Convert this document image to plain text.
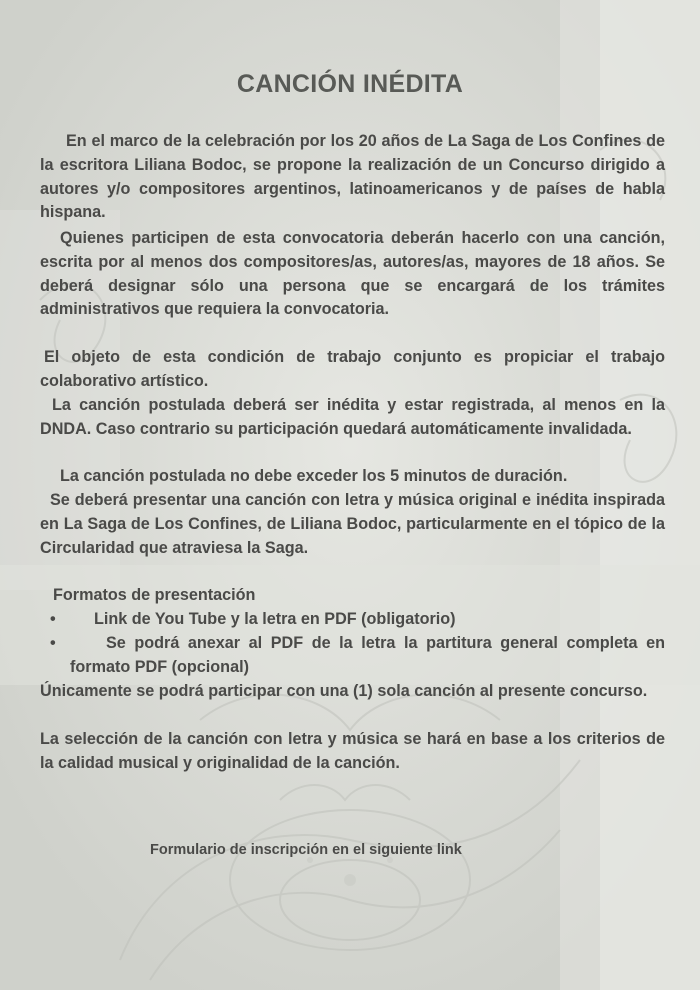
CANCIÓN INÉDITA

En el marco de la celebración por los 20 años de La Saga de Los Confines de la escritora Liliana Bodoc, se propone la realización de un Concurso dirigido a autores y/o compositores argentinos, latinoamericanos y de países de habla hispana.

Quienes participen de esta convocatoria deberán hacerlo con una canción, escrita por al menos dos compositores/as, autores/as, mayores de 18 años. Se deberá designar sólo una persona que se encargará de los trámites administrativos que requiera la convocatoria.

El objeto de esta condición de trabajo conjunto es propiciar el trabajo colaborativo artístico.

La canción postulada deberá ser inédita y estar registrada, al menos en la DNDA. Caso contrario su participación quedará automáticamente invalidada.

La canción postulada no debe exceder los 5 minutos de duración.

Se deberá presentar una canción con letra y música original e inédita inspirada en La Saga de Los Confines, de Liliana Bodoc, particularmente en el tópico de la Circularidad que atraviesa la Saga.

Formatos de presentación

• Link de You Tube y la letra en PDF (obligatorio)
•	Se podrá anexar al PDF de la letra la partitura general completa en formato PDF (opcional)

Únicamente se podrá participar con una (1) sola canción al presente concurso.

La selección de la canción con letra y música se hará en base a los criterios de la calidad musical y originalidad de la canción.

Formulario de inscripción en el siguiente link
